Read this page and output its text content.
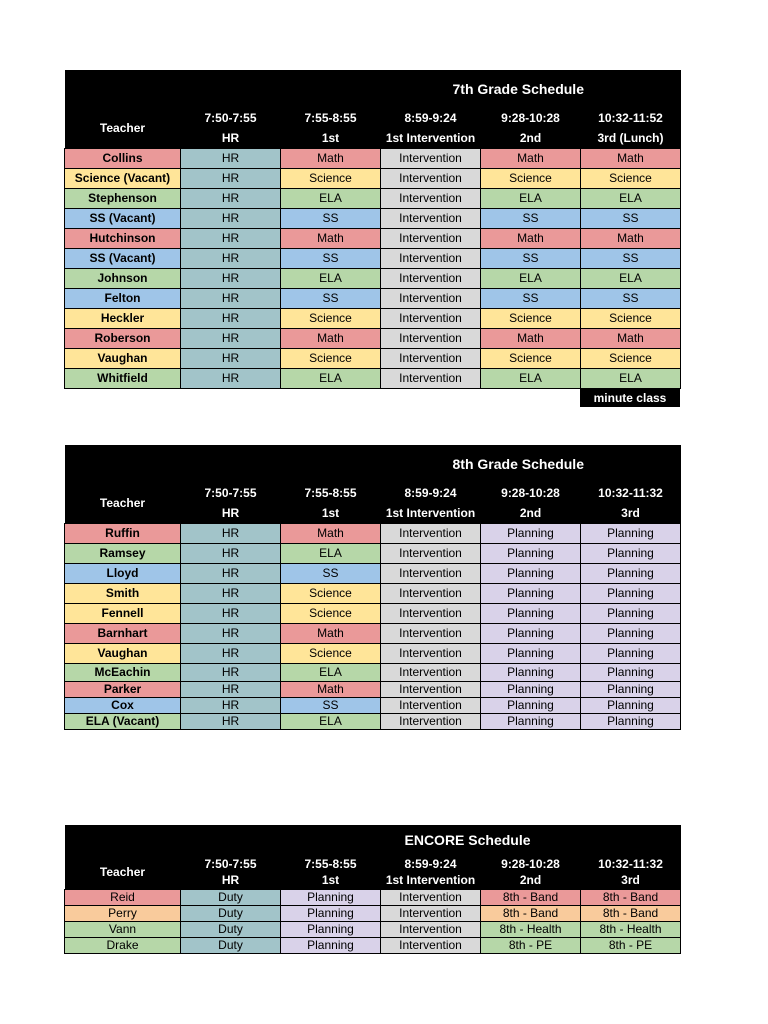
			7th Grade Schedule		
Teacher	7:50-7:55	7:55-8:55	8:59-9:24	9:28-10:28	10:32-11:52
	HR	1st	1st Intervention	2nd	3rd (Lunch)
Collins	HR	Math	Intervention	Math	Math
Science (Vacant)	HR	Science	Intervention	Science	Science
Stephenson	HR	ELA	Intervention	ELA	ELA
SS (Vacant)	HR	SS	Intervention	SS	SS
Hutchinson	HR	Math	Intervention	Math	Math
SS (Vacant)	HR	SS	Intervention	SS	SS
Johnson	HR	ELA	Intervention	ELA	ELA
Felton	HR	SS	Intervention	SS	SS
Heckler	HR	Science	Intervention	Science	Science
Roberson	HR	Math	Intervention	Math	Math
Vaughan	HR	Science	Intervention	Science	Science
Whitfield	HR	ELA	Intervention	ELA	ELA
minute class
			8th Grade Schedule		
Teacher	7:50-7:55	7:55-8:55	8:59-9:24	9:28-10:28	10:32-11:32
	HR	1st	1st Intervention	2nd	3rd
Ruffin	HR	Math	Intervention	Planning	Planning
Ramsey	HR	ELA	Intervention	Planning	Planning
Lloyd	HR	SS	Intervention	Planning	Planning
Smith	HR	Science	Intervention	Planning	Planning
Fennell	HR	Science	Intervention	Planning	Planning
Barnhart	HR	Math	Intervention	Planning	Planning
Vaughan	HR	Science	Intervention	Planning	Planning
McEachin	HR	ELA	Intervention	Planning	Planning
Parker	HR	Math	Intervention	Planning	Planning
Cox	HR	SS	Intervention	Planning	Planning
ELA (Vacant)	HR	ELA	Intervention	Planning	Planning
			ENCORE Schedule		
Teacher	7:50-7:55	7:55-8:55	8:59-9:24	9:28-10:28	10:32-11:32
	HR	1st	1st Intervention	2nd	3rd
Reid	Duty	Planning	Intervention	8th - Band	8th - Band
Perry	Duty	Planning	Intervention	8th - Band	8th - Band
Vann	Duty	Planning	Intervention	8th - Health	8th - Health
Drake	Duty	Planning	Intervention	8th - PE	8th - PE
